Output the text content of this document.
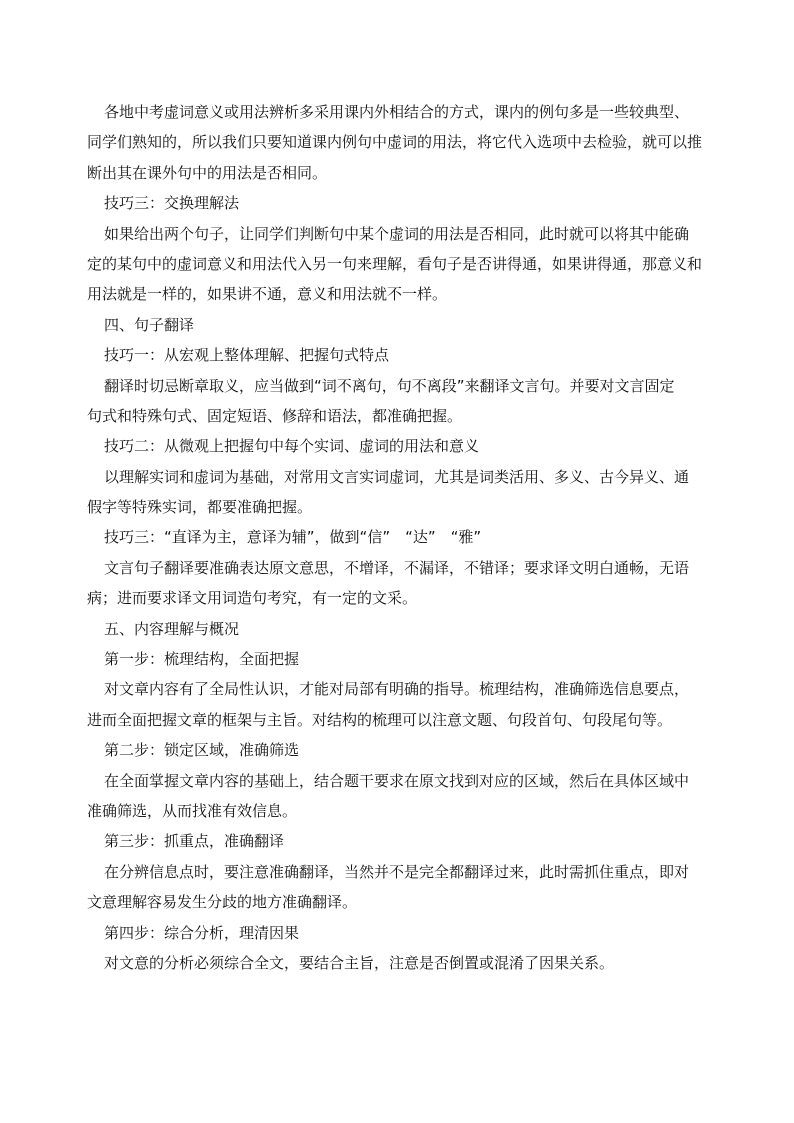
各地中考虚词意义或用法辨析多采用课内外相结合的方式，课内的例句多是一些较典型、
同学们熟知的，所以我们只要知道课内例句中虚词的用法，将它代入选项中去检验，就可以推
断出其在课外句中的用法是否相同。
技巧三：交换理解法
如果给出两个句子，让同学们判断句中某个虚词的用法是否相同，此时就可以将其中能确
定的某句中的虚词意义和用法代入另一句来理解，看句子是否讲得通，如果讲得通，那意义和
用法就是一样的，如果讲不通，意义和用法就不一样。
四、句子翻译
技巧一：从宏观上整体理解、把握句式特点
翻译时切忌断章取义，应当做到“词不离句，句不离段”来翻译文言句。并要对文言固定
句式和特殊句式、固定短语、修辞和语法，都准确把握。
技巧二：从微观上把握句中每个实词、虚词的用法和意义
以理解实词和虚词为基础，对常用文言实词虚词，尤其是词类活用、多义、古今异义、通
假字等特殊实词，都要准确把握。
技巧三：“直译为主，意译为辅”，做到“信”　“达”　“雅”
文言句子翻译要准确表达原文意思，不增译，不漏译，不错译；要求译文明白通畅，无语
病；进而要求译文用词造句考究，有一定的文采。
五、内容理解与概况
第一步：梳理结构，全面把握
对文章内容有了全局性认识，才能对局部有明确的指导。梳理结构，准确筛选信息要点，
进而全面把握文章的框架与主旨。对结构的梳理可以注意文题、句段首句、句段尾句等。
第二步：锁定区域，准确筛选
在全面掌握文章内容的基础上，结合题干要求在原文找到对应的区域，然后在具体区域中
准确筛选，从而找准有效信息。
第三步：抓重点，准确翻译
在分辨信息点时，要注意准确翻译，当然并不是完全都翻译过来，此时需抓住重点，即对
文意理解容易发生分歧的地方准确翻译。
第四步：综合分析，理清因果
对文意的分析必须综合全文，要结合主旨，注意是否倒置或混淆了因果关系。
